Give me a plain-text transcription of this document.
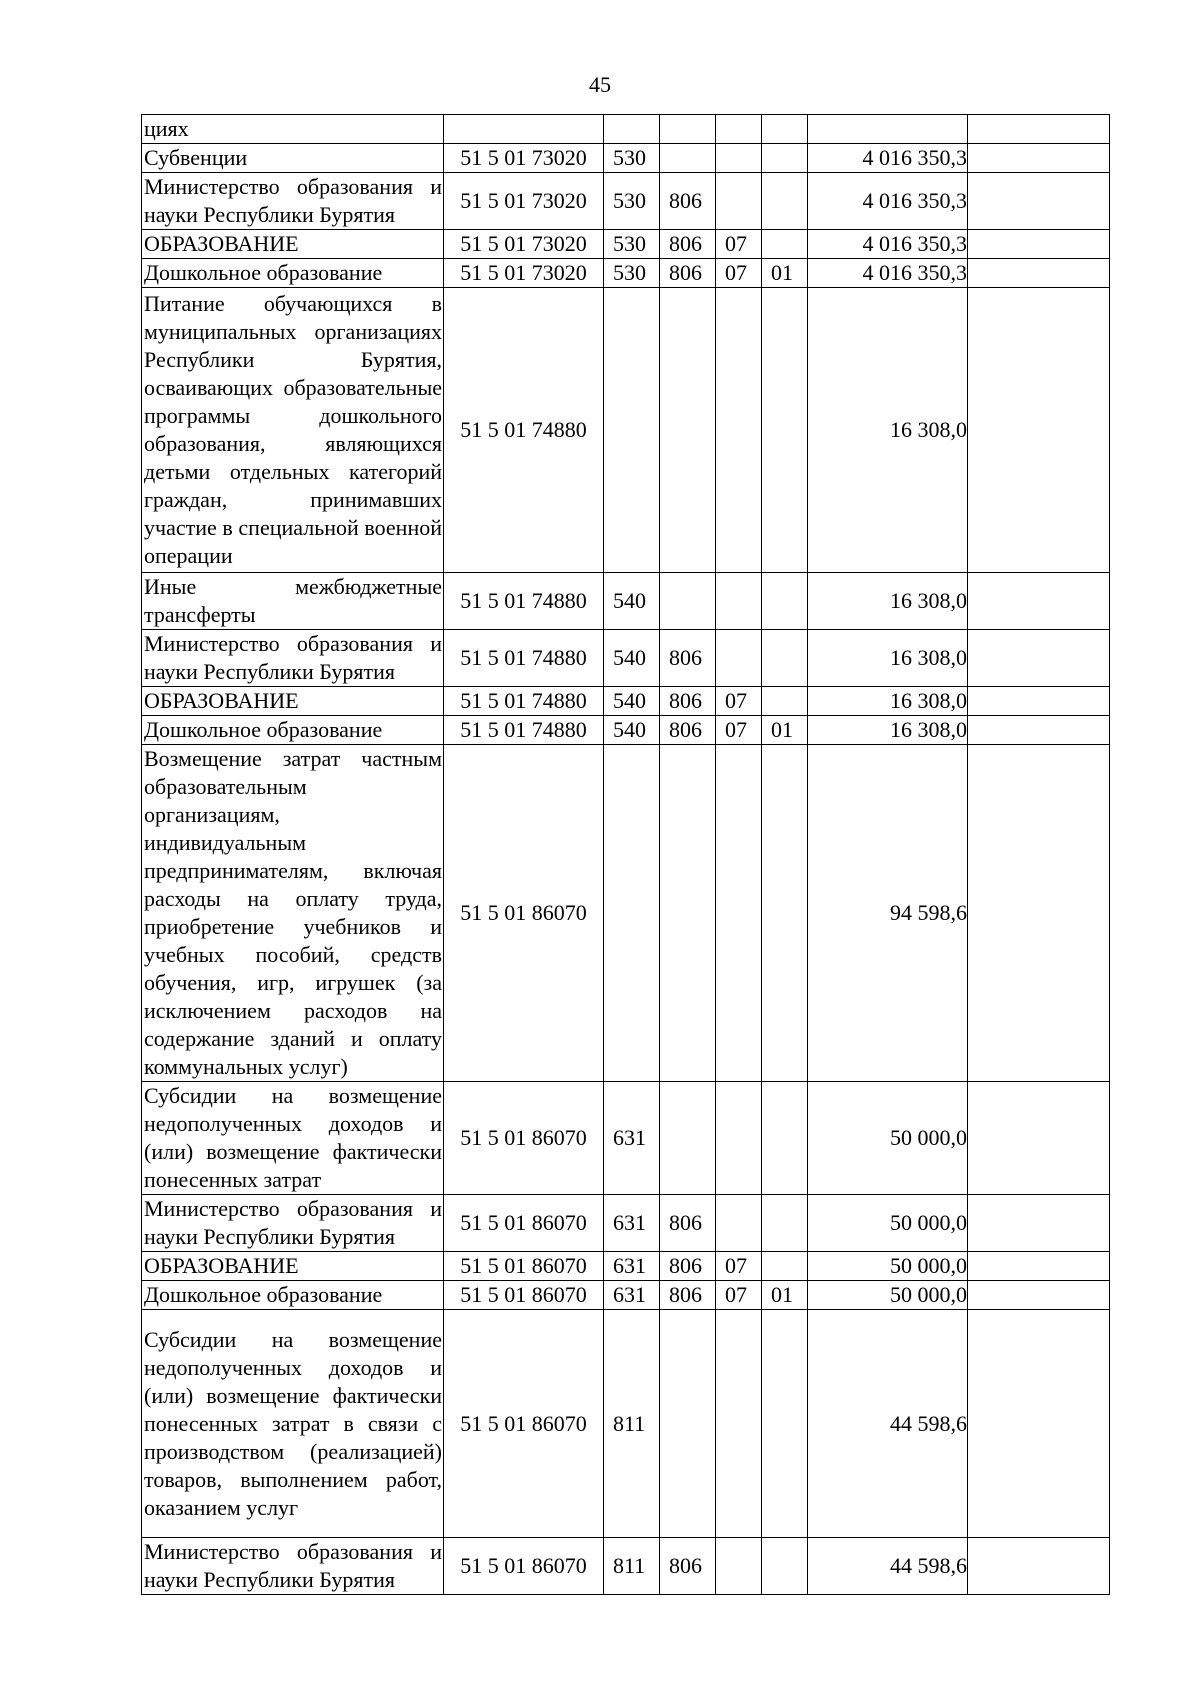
45
циях							
Субвенции	51 5 01 73020	530				4 016 350,3	
Министерство образования и науки Республики Бурятия	51 5 01 73020	530	806			4 016 350,3	
ОБРАЗОВАНИЕ	51 5 01 73020	530	806	07		4 016 350,3	
Дошкольное образование	51 5 01 73020	530	806	07	01	4 016 350,3	
Питание обучающихся в муниципальных организациях Республики Бурятия, осваивающих образовательные программы дошкольного образования, являющихся детьми отдельных категорий граждан, принимавших участие в специальной военной операции	51 5 01 74880					16 308,0	
Иные межбюджетные трансферты	51 5 01 74880	540				16 308,0	
Министерство образования и науки Республики Бурятия	51 5 01 74880	540	806			16 308,0	
ОБРАЗОВАНИЕ	51 5 01 74880	540	806	07		16 308,0	
Дошкольное образование	51 5 01 74880	540	806	07	01	16 308,0	
Возмещение затрат частным образовательным организациям, индивидуальным предпринимателям, включая расходы на оплату труда, приобретение учебников и учебных пособий, средств обучения, игр, игрушек (за исключением расходов на содержание зданий и оплату коммунальных услуг)	51 5 01 86070					94 598,6	
Субсидии на возмещение недополученных доходов и (или) возмещение фактически понесенных затрат	51 5 01 86070	631				50 000,0	
Министерство образования и науки Республики Бурятия	51 5 01 86070	631	806			50 000,0	
ОБРАЗОВАНИЕ	51 5 01 86070	631	806	07		50 000,0	
Дошкольное образование	51 5 01 86070	631	806	07	01	50 000,0	
Субсидии на возмещение недополученных доходов и (или) возмещение фактически понесенных затрат в связи с производством (реализацией) товаров, выполнением работ, оказанием услуг	51 5 01 86070	811				44 598,6	
Министерство образования и науки Республики Бурятия	51 5 01 86070	811	806			44 598,6	
